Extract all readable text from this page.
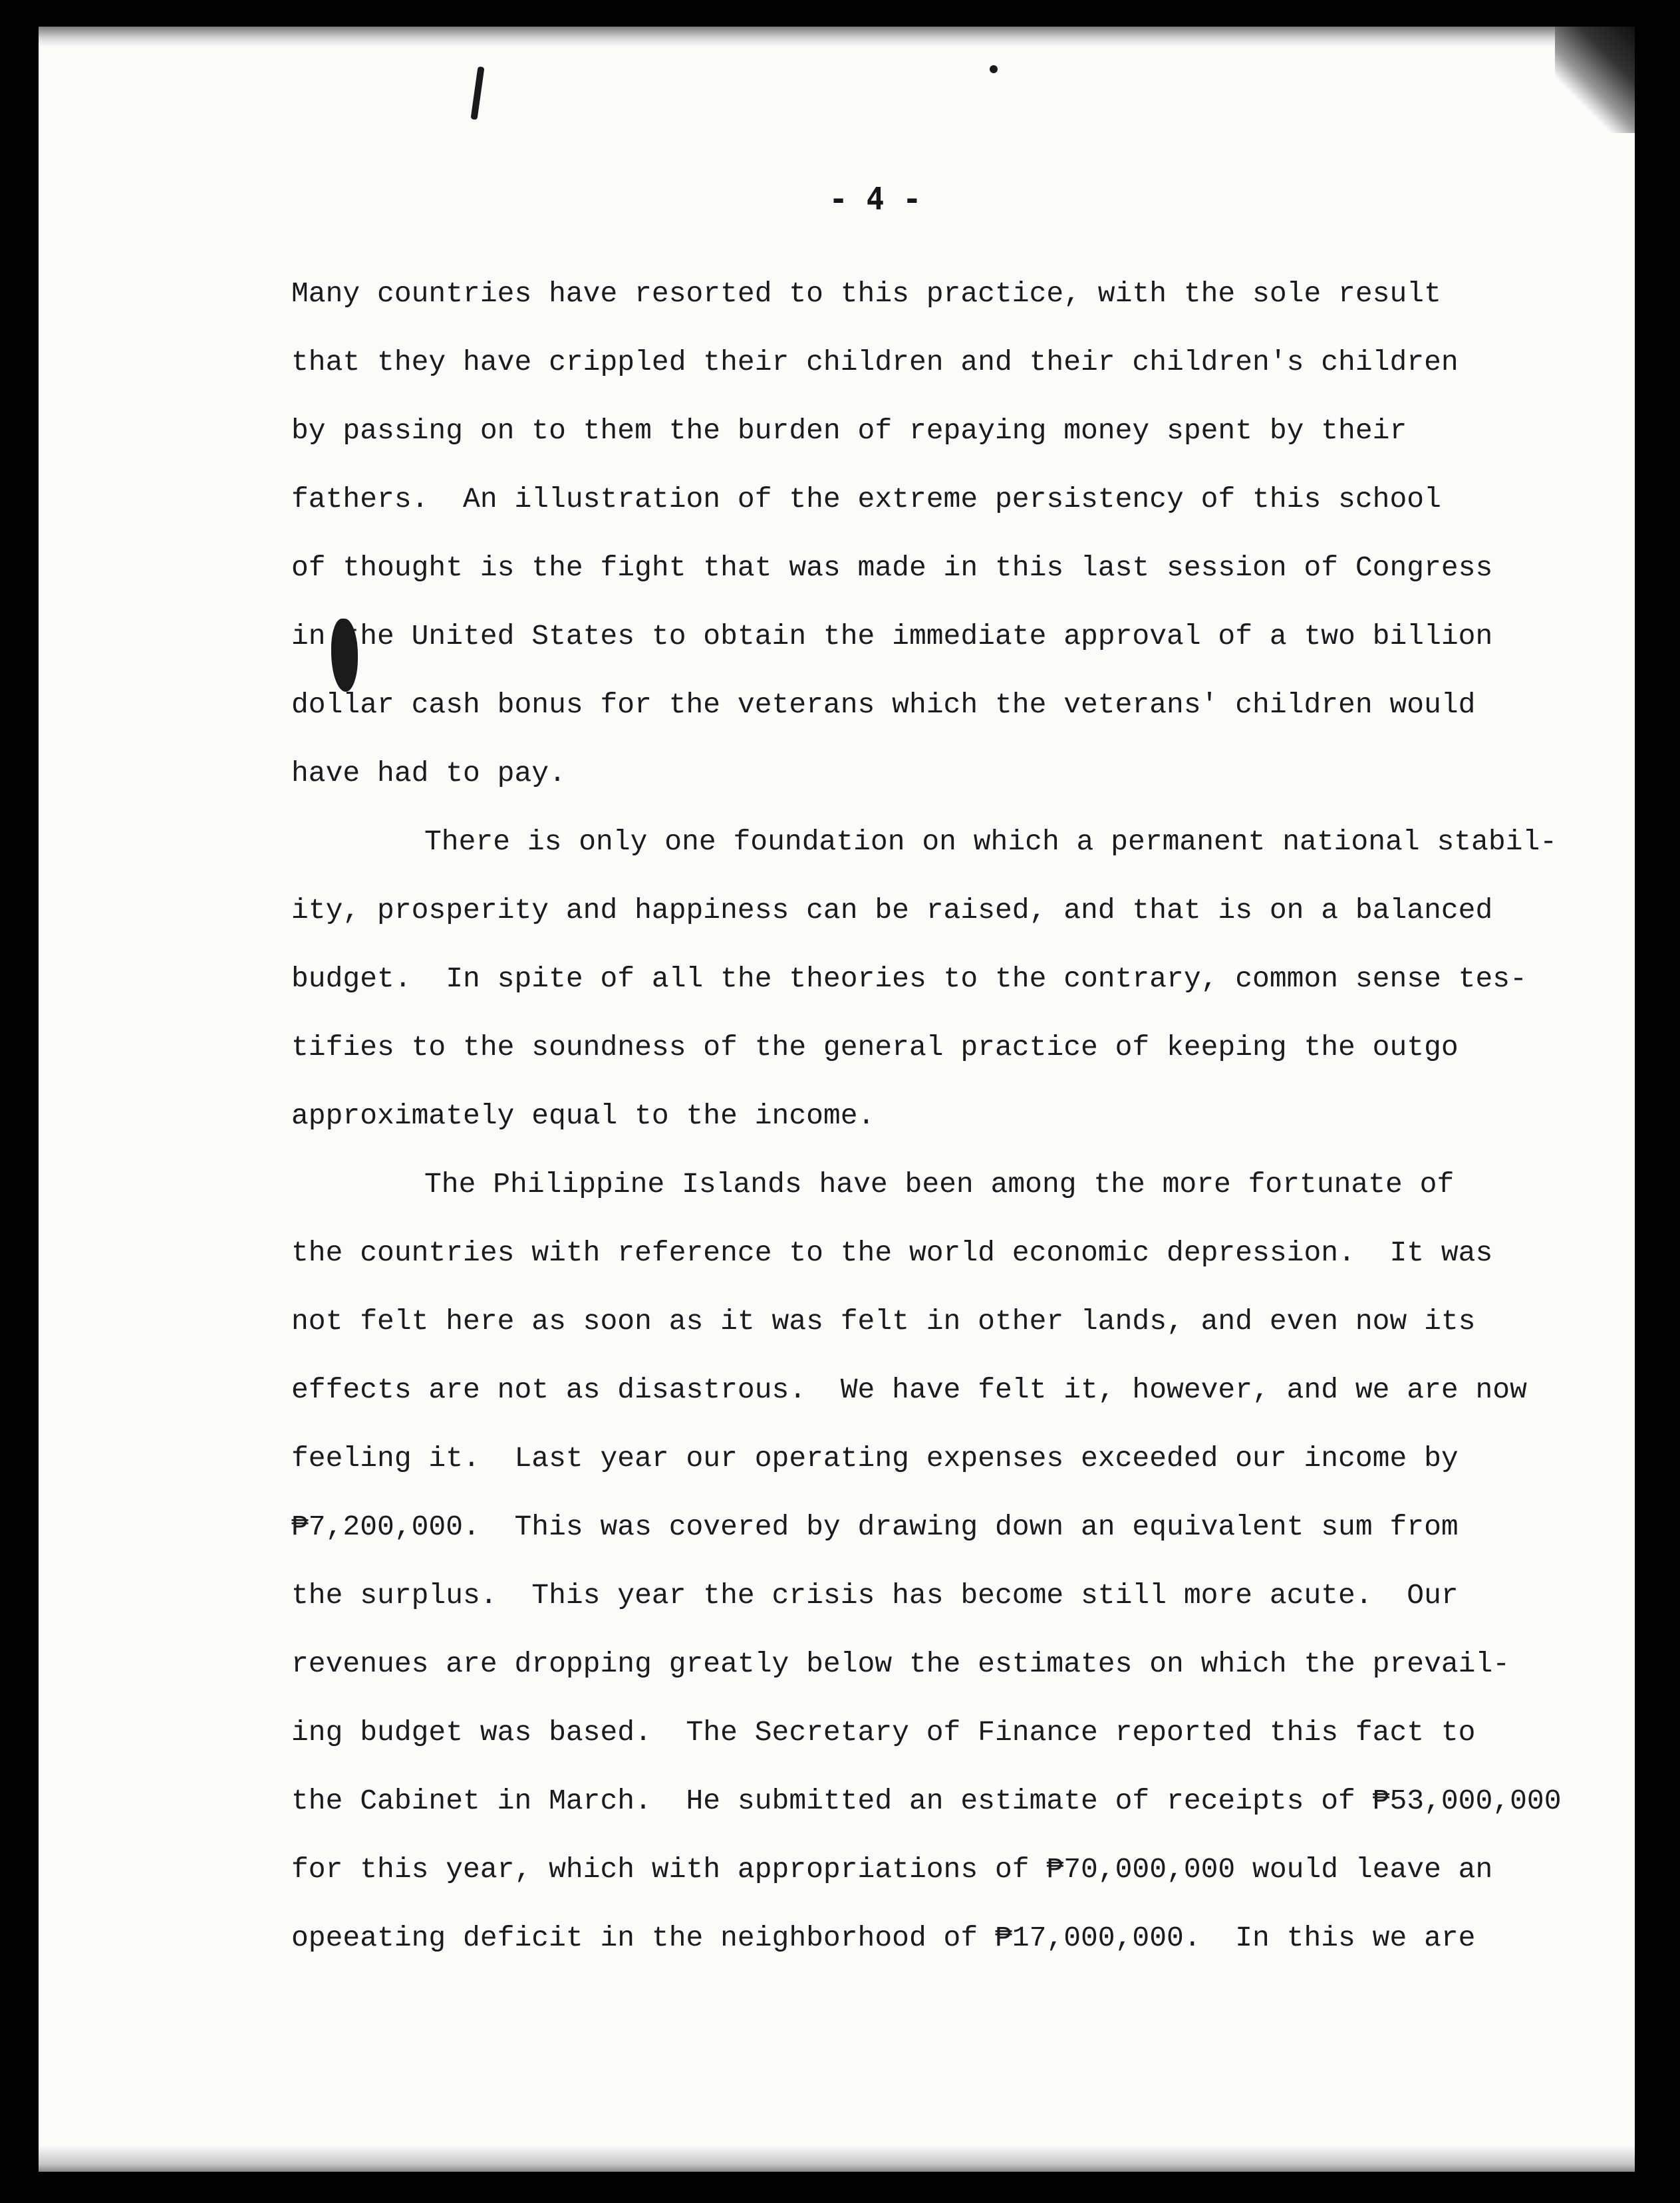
- 4 -
Many countries have resorted to this practice, with the sole result
that they have crippled their children and their children's children
by passing on to them the burden of repaying money spent by their
fathers.  An illustration of the extreme persistency of this school
of thought is the fight that was made in this last session of Congress
in the United States to obtain the immediate approval of a two billion
dollar cash bonus for the veterans which the veterans' children would
have had to pay.
There is only one foundation on which a permanent national stabil-
ity, prosperity and happiness can be raised, and that is on a balanced
budget.  In spite of all the theories to the contrary, common sense tes-
tifies to the soundness of the general practice of keeping the outgo
approximately equal to the income.
The Philippine Islands have been among the more fortunate of
the countries with reference to the world economic depression.  It was
not felt here as soon as it was felt in other lands, and even now its
effects are not as disastrous.  We have felt it, however, and we are now
feeling it.  Last year our operating expenses exceeded our income by
₱7,200,000.  This was covered by drawing down an equivalent sum from
the surplus.  This year the crisis has become still more acute.  Our
revenues are dropping greatly below the estimates on which the prevail-
ing budget was based.  The Secretary of Finance reported this fact to
the Cabinet in March.  He submitted an estimate of receipts of ₱53,000,000
for this year, which with appropriations of ₱70,000,000 would leave an
opeeating deficit in the neighborhood of ₱17,000,000.  In this we are
